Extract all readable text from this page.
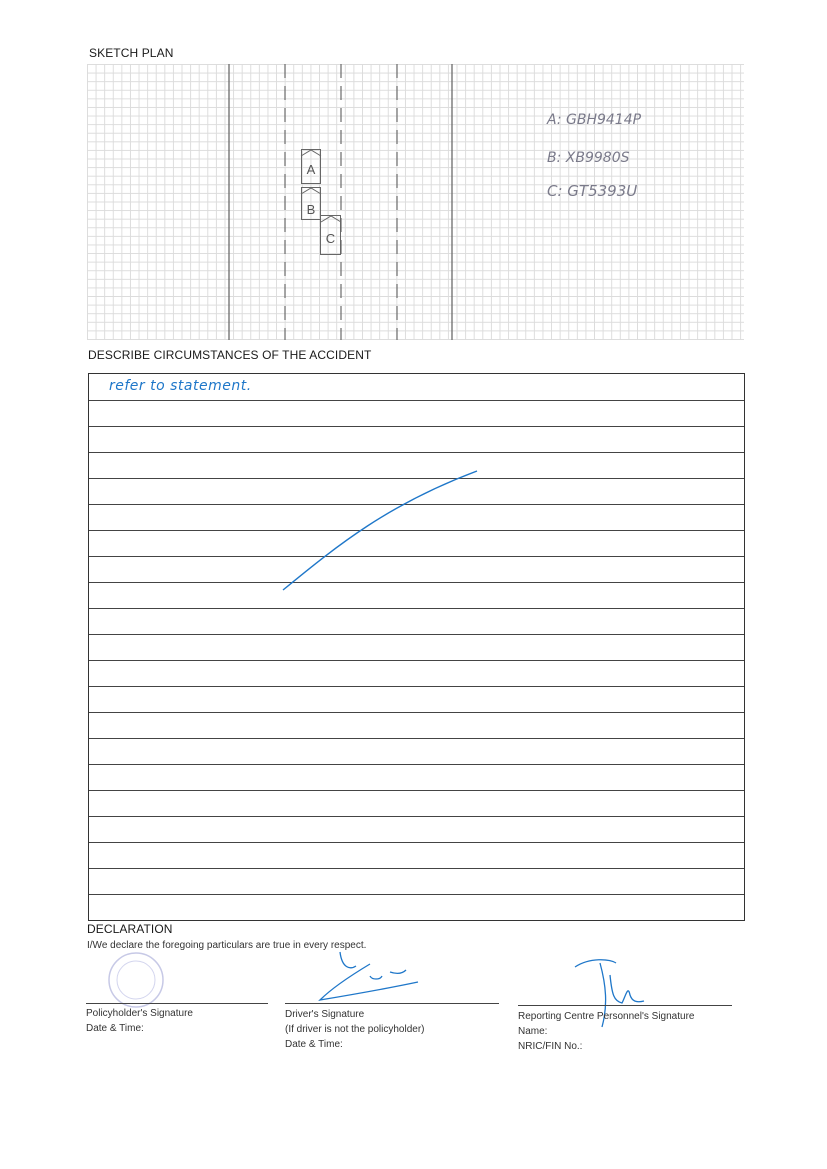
SKETCH PLAN
A
B
C
A: GBH9414P
B: XB9980S
C: GT5393U
DESCRIBE CIRCUMSTANCES OF THE ACCIDENT
refer to statement.
DECLARATION
I/We declare the foregoing particulars are true in every respect.
Policyholder's Signature
Date & Time:
Driver's Signature
(If driver is not the policyholder)
Date & Time:
Reporting Centre Personnel's Signature
Name:
NRIC/FIN No.:
